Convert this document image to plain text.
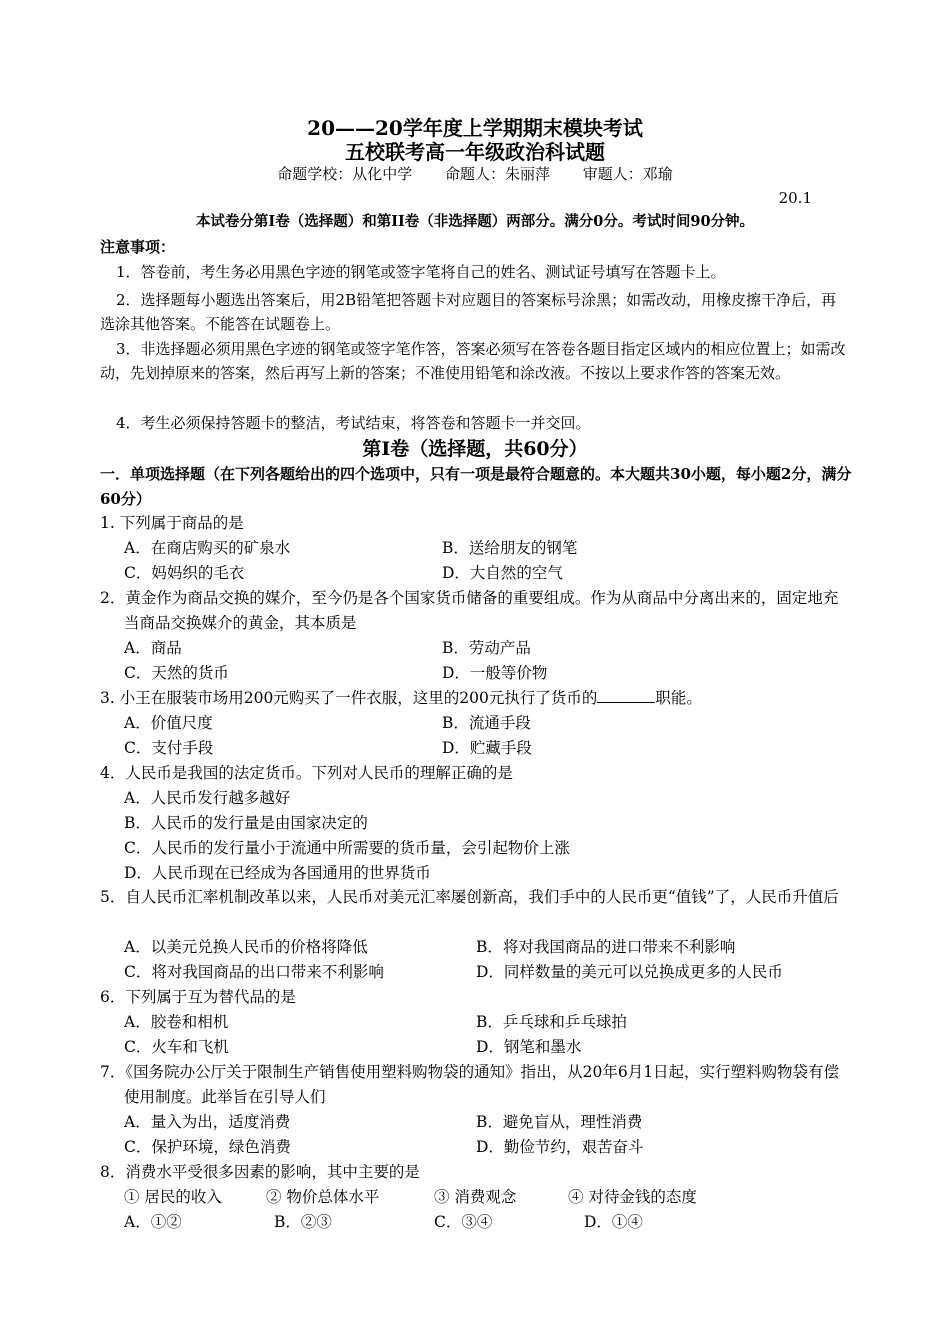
20——20学年度上学期期末模块考试
五校联考高一年级政治科试题
命题学校：从化中学 命题人：朱丽萍 审题人：邓瑜
20.1
本试卷分第Ⅰ卷（选择题）和第II卷（非选择题）两部分。满分0分。考试时间90分钟。
注意事项：
1．答卷前，考生务必用黑色字迹的钢笔或签字笔将自己的姓名、测试证号填写在答题卡上。
2．选择题每小题选出答案后，用2B铅笔把答题卡对应题目的答案标号涂黑；如需改动，用橡皮擦干净后，再选涂其他答案。不能答在试题卷上。
3．非选择题必须用黑色字迹的钢笔或签字笔作答，答案必须写在答卷各题目指定区域内的相应位置上；如需改动，先划掉原来的答案，然后再写上新的答案；不准使用铅笔和涂改液。不按以上要求作答的答案无效。
4．考生必须保持答题卡的整洁，考试结束，将答卷和答题卡一并交回。
第Ⅰ卷（选择题，共60分）
一．单项选择题（在下列各题给出的四个选项中，只有一项是最符合题意的。本大题共30小题，每小题2分，满分60分）
1. 下列属于商品的是
A．在商店购买的矿泉水	B．送给朋友的钢笔
C．妈妈织的毛衣	D．大自然的空气
2．黄金作为商品交换的媒介，至今仍是各个国家货币储备的重要组成。作为从商品中分离出来的，固定地充当商品交换媒介的黄金，其本质是
A．商品	B．劳动产品
C．天然的货币	D．一般等价物
3. 小王在服装市场用200元购买了一件衣服，这里的200元执行了货币的	职能。
A．价值尺度	B．流通手段
C．支付手段	D．贮藏手段
4．人民币是我国的法定货币。下列对人民币的理解正确的是
A．人民币发行越多越好
B．人民币的发行量是由国家决定的
C．人民币的发行量小于流通中所需要的货币量，会引起物价上涨
D．人民币现在已经成为各国通用的世界货币
5．自人民币汇率机制改革以来，人民币对美元汇率屡创新高，我们手中的人民币更“值钱”了，人民币升值后
A．以美元兑换人民币的价格将降低	B．将对我国商品的进口带来不利影响
C．将对我国商品的出口带来不利影响	D．同样数量的美元可以兑换成更多的人民币
6．下列属于互为替代品的是
A．胶卷和相机	B．乒乓球和乒乓球拍
C．火车和飞机	D．钢笔和墨水
7．《国务院办公厅关于限制生产销售使用塑料购物袋的通知》指出，从20年6月1日起，实行塑料购物袋有偿使用制度。此举旨在引导人们
A．量入为出，适度消费	B．避免盲从，理性消费
C．保护环境，绿色消费	D．勤俭节约，艰苦奋斗
8．消费水平受很多因素的影响，其中主要的是
① 居民的收入	② 物价总体水平	③ 消费观念	④ 对待金钱的态度
A．①②	B．②③	C．③④	D．①④
